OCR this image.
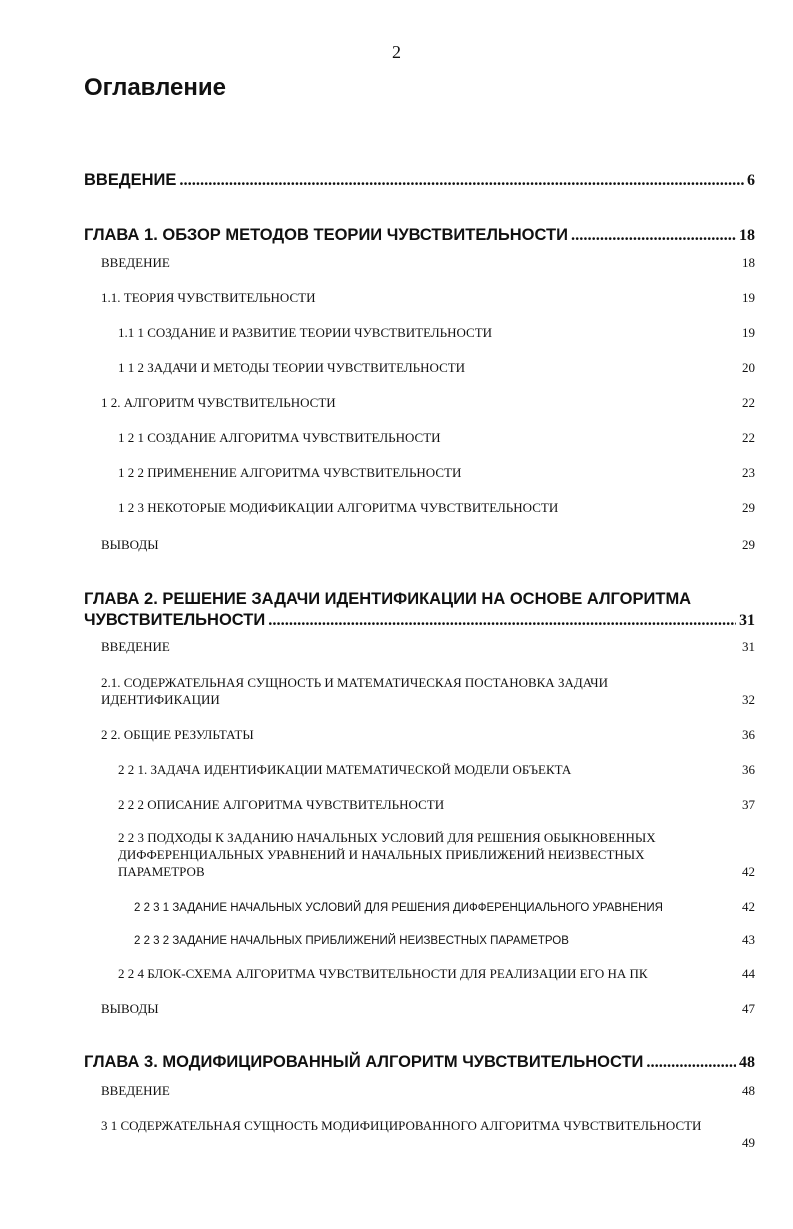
2
Оглавление
ВВЕДЕНИЕ .....	6
ГЛАВА 1. ОБЗОР МЕТОДОВ ТЕОРИИ ЧУВСТВИТЕЛЬНОСТИ .....	18
ВВЕДЕНИЕ	18
1.1. ТЕОРИЯ ЧУВСТВИТЕЛЬНОСТИ	19
1.1 1 СОЗДАНИЕ И РАЗВИТИЕ ТЕОРИИ ЧУВСТВИТЕЛЬНОСТИ	19
1 1 2 ЗАДАЧИ И МЕТОДЫ ТЕОРИИ ЧУВСТВИТЕЛЬНОСТИ	20
1 2. АЛГОРИТМ ЧУВСТВИТЕЛЬНОСТИ	22
1 2 1 СОЗДАНИЕ АЛГОРИТМА ЧУВСТВИТЕЛЬНОСТИ	22
1 2 2 ПРИМЕНЕНИЕ АЛГОРИТМА ЧУВСТВИТЕЛЬНОСТИ	23
1 2 3 НЕКОТОРЫЕ МОДИФИКАЦИИ АЛГОРИТМА ЧУВСТВИТЕЛЬНОСТИ	29
ВЫВОДЫ	29
ГЛАВА 2. РЕШЕНИЕ ЗАДАЧИ ИДЕНТИФИКАЦИИ НА ОСНОВЕ АЛГОРИТМА
ЧУВСТВИТЕЛЬНОСТИ .....	31
ВВЕДЕНИЕ	31
2.1. СОДЕРЖАТЕЛЬНАЯ СУЩНОСТЬ И МАТЕМАТИЧЕСКАЯ ПОСТАНОВКА ЗАДАЧИ
ИДЕНТИФИКАЦИИ	32
2 2. ОБЩИЕ РЕЗУЛЬТАТЫ	36
2 2 1. ЗАДАЧА ИДЕНТИФИКАЦИИ МАТЕМАТИЧЕСКОЙ МОДЕЛИ ОБЪЕКТА	36
2 2 2 ОПИСАНИЕ АЛГОРИТМА ЧУВСТВИТЕЛЬНОСТИ	37
2 2 3 ПОДХОДЫ К ЗАДАНИЮ НАЧАЛЬНЫХ УСЛОВИЙ ДЛЯ РЕШЕНИЯ ОБЫКНОВЕННЫХ
ДИФФЕРЕНЦИАЛЬНЫХ УРАВНЕНИЙ И НАЧАЛЬНЫХ ПРИБЛИЖЕНИЙ НЕИЗВЕСТНЫХ
ПАРАМЕТРОВ	42
2 2 3 1 ЗАДАНИЕ НАЧАЛЬНЫХ УСЛОВИЙ ДЛЯ РЕШЕНИЯ ДИФФЕРЕНЦИАЛЬНОГО УРАВНЕНИЯ	42
2 2 3 2 ЗАДАНИЕ НАЧАЛЬНЫХ ПРИБЛИЖЕНИЙ НЕИЗВЕСТНЫХ ПАРАМЕТРОВ	43
2 2 4 БЛОК-СХЕМА АЛГОРИТМА ЧУВСТВИТЕЛЬНОСТИ ДЛЯ РЕАЛИЗАЦИИ ЕГО НА ПК	44
ВЫВОДЫ	47
ГЛАВА 3. МОДИФИЦИРОВАННЫЙ АЛГОРИТМ ЧУВСТВИТЕЛЬНОСТИ .....	48
ВВЕДЕНИЕ	48
3 1 СОДЕРЖАТЕЛЬНАЯ СУЩНОСТЬ МОДИФИЦИРОВАННОГО АЛГОРИТМА ЧУВСТВИТЕЛЬНОСТИ
49
